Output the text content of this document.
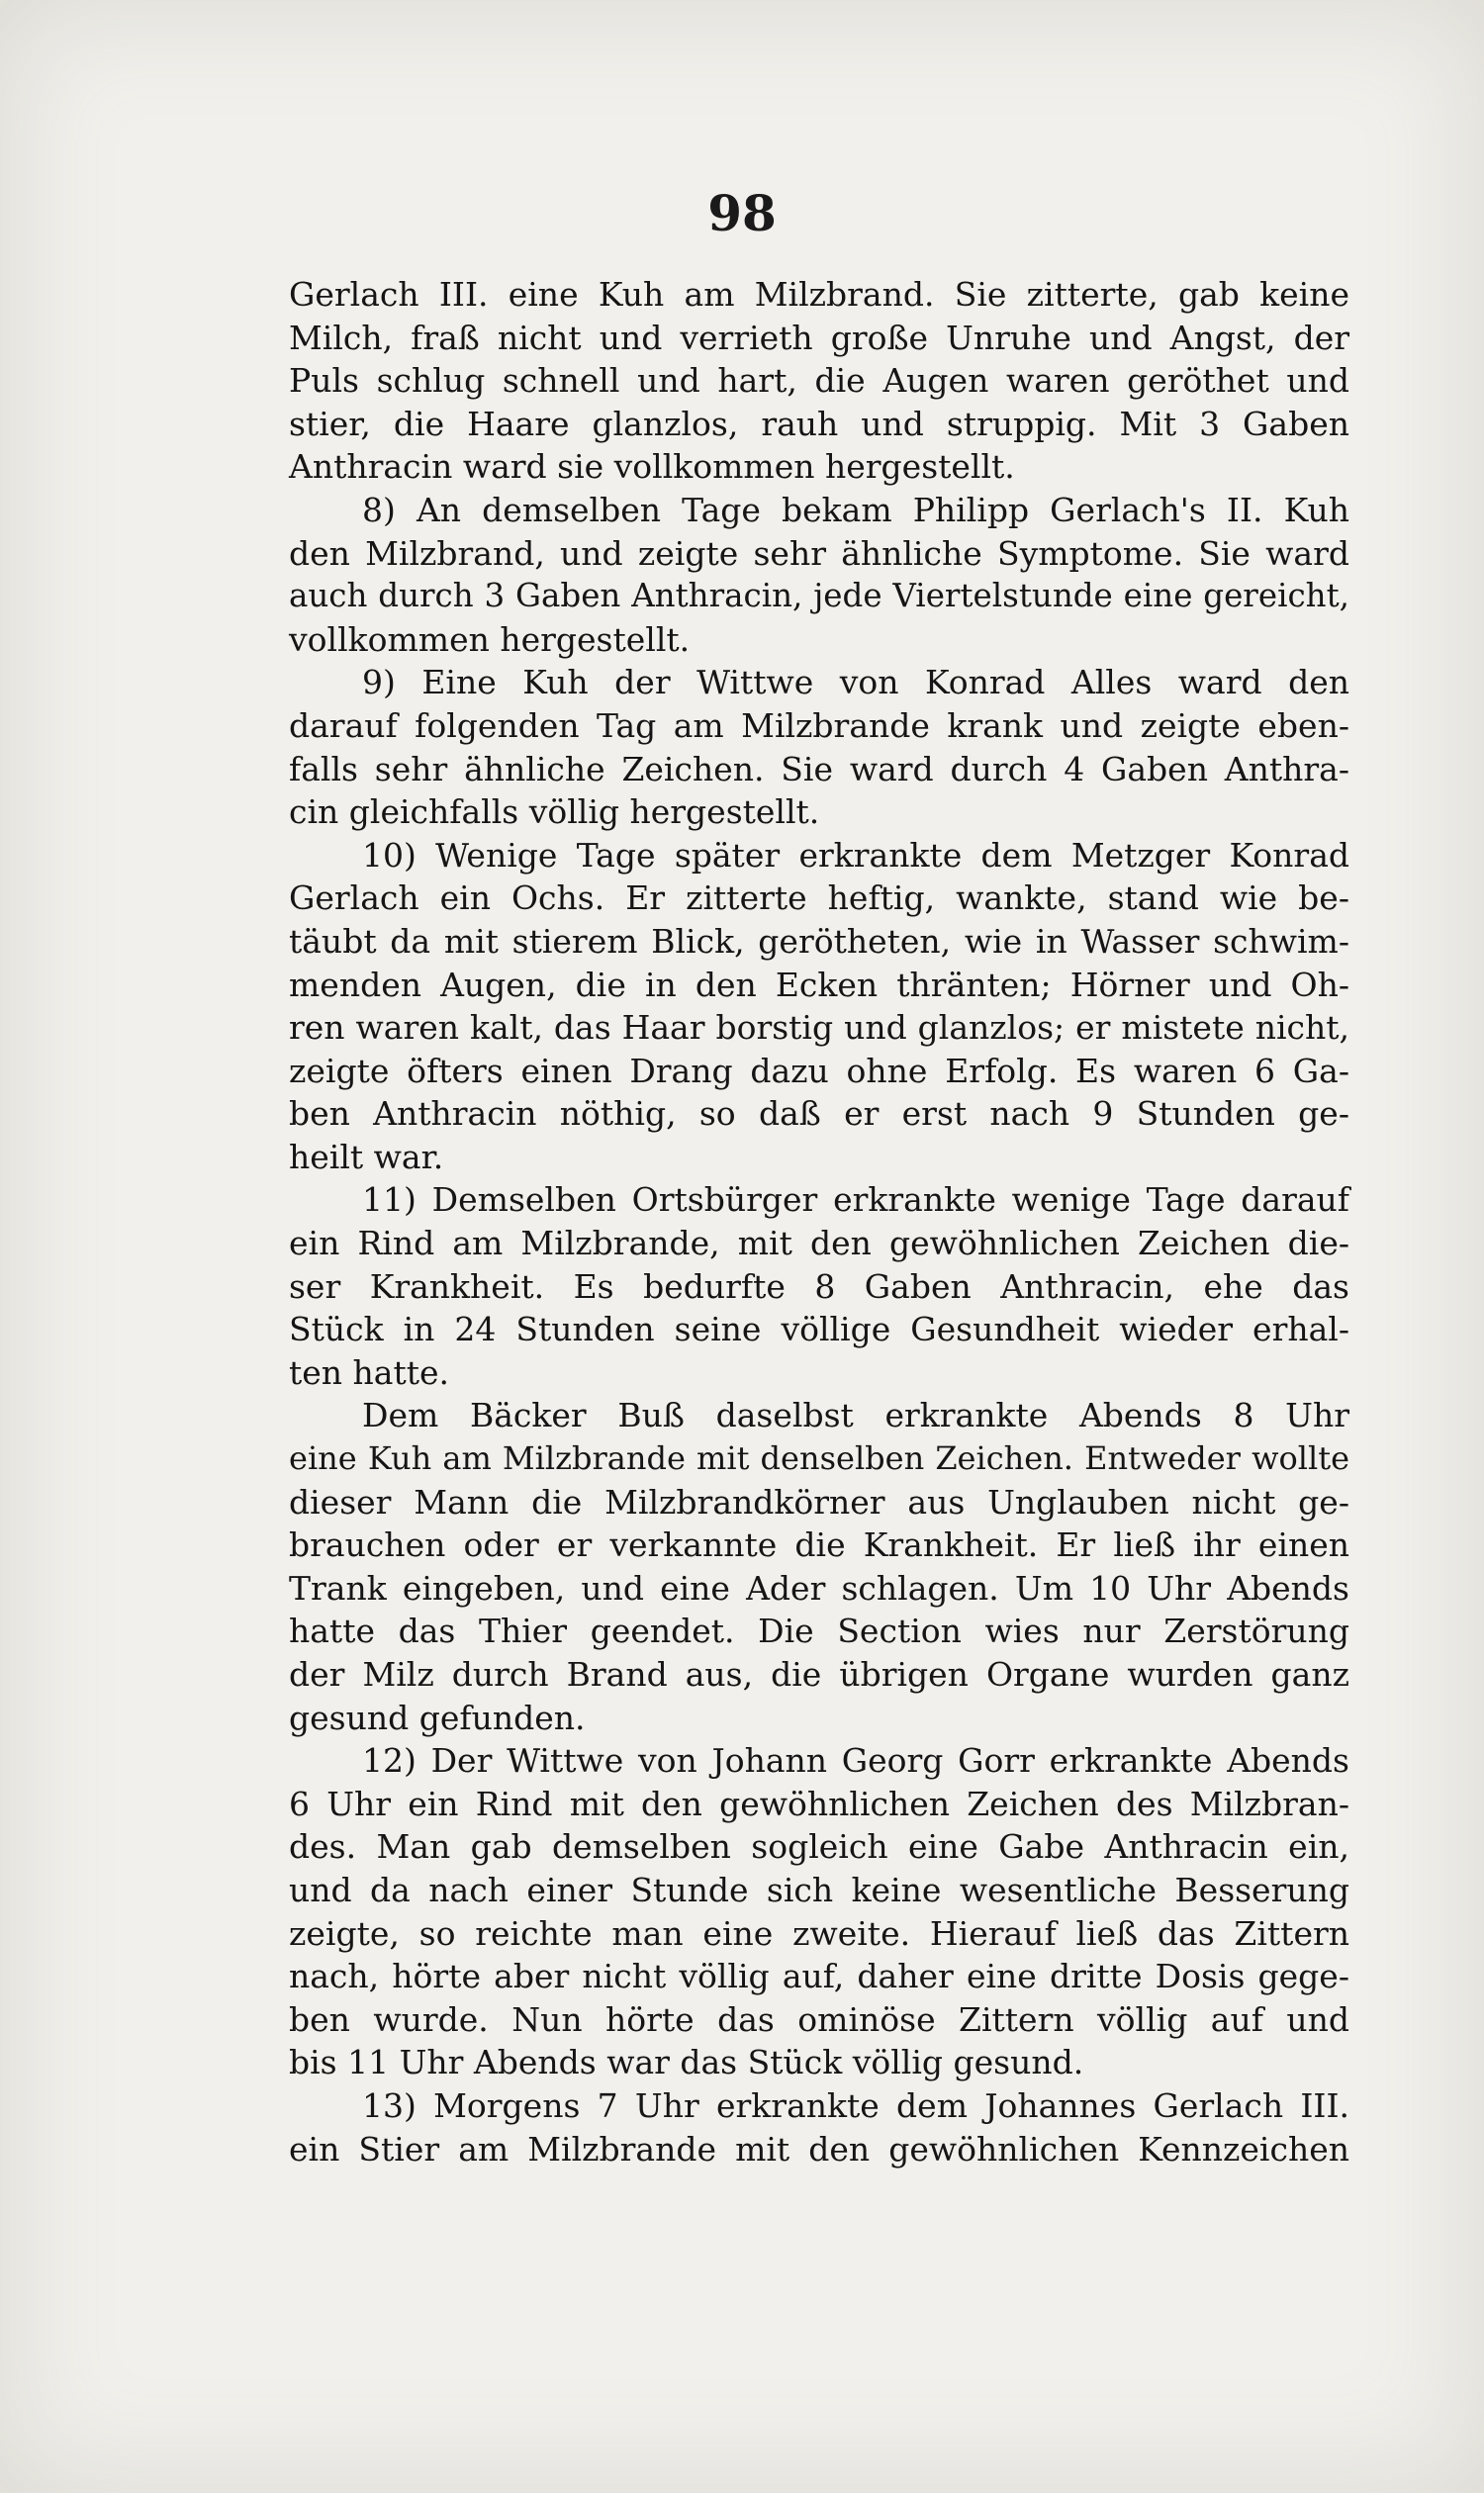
98
Gerlach III. eine Kuh am Milzbrand. Sie zitterte, gab keine
Milch, fraß nicht und verrieth große Unruhe und Angst, der
Puls schlug schnell und hart, die Augen waren geröthet und
stier, die Haare glanzlos, rauh und struppig. Mit 3 Gaben
Anthracin ward sie vollkommen hergestellt.
8) An demselben Tage bekam Philipp Gerlach's II. Kuh
den Milzbrand, und zeigte sehr ähnliche Symptome. Sie ward
auch durch 3 Gaben Anthracin, jede Viertelstunde eine gereicht,
vollkommen hergestellt.
9) Eine Kuh der Wittwe von Konrad Alles ward den
darauf folgenden Tag am Milzbrande krank und zeigte eben-
falls sehr ähnliche Zeichen. Sie ward durch 4 Gaben Anthra-
cin gleichfalls völlig hergestellt.
10) Wenige Tage später erkrankte dem Metzger Konrad
Gerlach ein Ochs. Er zitterte heftig, wankte, stand wie be-
täubt da mit stierem Blick, gerötheten, wie in Wasser schwim-
menden Augen, die in den Ecken thränten; Hörner und Oh-
ren waren kalt, das Haar borstig und glanzlos; er mistete nicht,
zeigte öfters einen Drang dazu ohne Erfolg. Es waren 6 Ga-
ben Anthracin nöthig, so daß er erst nach 9 Stunden ge-
heilt war.
11) Demselben Ortsbürger erkrankte wenige Tage darauf
ein Rind am Milzbrande, mit den gewöhnlichen Zeichen die-
ser Krankheit. Es bedurfte 8 Gaben Anthracin, ehe das
Stück in 24 Stunden seine völlige Gesundheit wieder erhal-
ten hatte.
Dem Bäcker Buß daselbst erkrankte Abends 8 Uhr
eine Kuh am Milzbrande mit denselben Zeichen. Entweder wollte
dieser Mann die Milzbrandkörner aus Unglauben nicht ge-
brauchen oder er verkannte die Krankheit. Er ließ ihr einen
Trank eingeben, und eine Ader schlagen. Um 10 Uhr Abends
hatte das Thier geendet. Die Section wies nur Zerstörung
der Milz durch Brand aus, die übrigen Organe wurden ganz
gesund gefunden.
12) Der Wittwe von Johann Georg Gorr erkrankte Abends
6 Uhr ein Rind mit den gewöhnlichen Zeichen des Milzbran-
des. Man gab demselben sogleich eine Gabe Anthracin ein,
und da nach einer Stunde sich keine wesentliche Besserung
zeigte, so reichte man eine zweite. Hierauf ließ das Zittern
nach, hörte aber nicht völlig auf, daher eine dritte Dosis gege-
ben wurde. Nun hörte das ominöse Zittern völlig auf und
bis 11 Uhr Abends war das Stück völlig gesund.
13) Morgens 7 Uhr erkrankte dem Johannes Gerlach III.
ein Stier am Milzbrande mit den gewöhnlichen Kennzeichen
